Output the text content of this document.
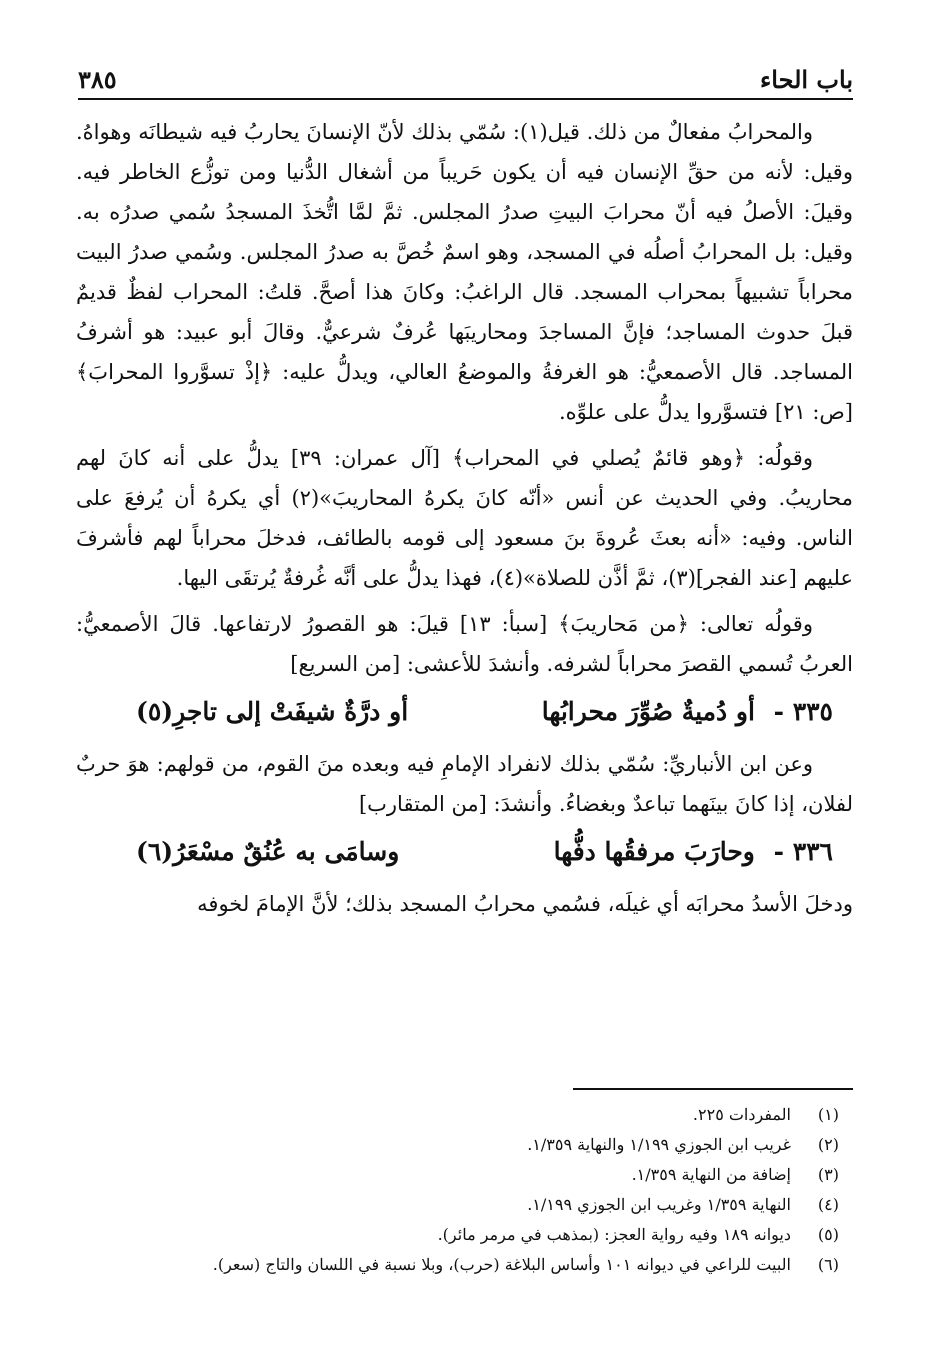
باب الحاء
٣٨٥

والمحرابُ مفعالٌ من ذلك. قيل(١): سُمّي بذلك لأنّ الإنسانَ يحاربُ فيه شيطانَه وهواهُ. وقيل: لأنه من حقِّ الإنسان فيه أن يكون حَريباً من أشغال الدُّنيا ومن توزُّع الخاطر فيه. وقيلَ: الأصلُ فيه أنّ محرابَ البيتِ صدرُ المجلس. ثمَّ لمَّا اتُّخذَ المسجدُ سُمي صدرُه به. وقيل: بل المحرابُ أصلُه في المسجد، وهو اسمٌ خُصَّ به صدرُ المجلس. وسُمي صدرُ البيت محراباً تشبيهاً بمحراب المسجد. قال الراغبُ: وكانَ هذا أصحَّ. قلتُ: المحراب لفظٌ قديمٌ قبلَ حدوث المساجد؛ فإنَّ المساجدَ ومحاريبَها عُرفٌ شرعيٌّ. وقالَ أبو عبيد: هو أشرفُ المساجد. قال الأصمعيُّ: هو الغرفةُ والموضعُ العالي، ويدلُّ عليه: ﴿إذْ تسوَّروا المحرابَ﴾ [ص: ٢١] فتسوَّروا يدلُّ على علوِّه.

وقولُه: ﴿وهو قائمٌ يُصلي في المحراب﴾ [آل عمران: ٣٩] يدلُّ على أنه كانَ لهم محاريبُ. وفي الحديث عن أنس «أنّه كانَ يكرهُ المحاريبَ»(٢) أي يكرهُ أن يُرفعَ على الناس. وفيه: «أنه بعثَ عُروةَ بنَ مسعود إلى قومه بالطائف، فدخلَ محراباً لهم فأشرفَ عليهم [عند الفجر](٣)، ثمَّ أذَّن للصلاة»(٤)، فهذا يدلُّ على أنَّه غُرفةٌ يُرتقَى اليها.

وقولُه تعالى: ﴿من مَحاريبَ﴾ [سبأ: ١٣] قيلَ: هو القصورُ لارتفاعها. قالَ الأصمعيُّ: العربُ تُسمي القصرَ محراباً لشرفه. وأنشدَ للأعشى: [من السريع]

٣٣٥ - أو دُميةٌ صُوِّرَ محرابُها
أو درَّةٌ شيفَتْ إلى تاجرِ(٥)

وعن ابن الأنباريِّ: سُمّي بذلك لانفراد الإمامِ فيه وبعده منَ القوم، من قولهم: هوَ حربٌ لفلان، إذا كانَ بينَهما تباعدٌ وبغضاءُ. وأنشدَ: [من المتقارب]

٣٣٦ - وحارَبَ مرفقُها دفُّها
وسامَى به عُنُقٌ مسْعَرُ(٦)

ودخلَ الأسدُ محرابَه أي غيلَه، فسُمي محرابُ المسجد بذلك؛ لأنَّ الإمامَ لخوفه

(١)
المفردات ٢٢٥.
(٢)
غريب ابن الجوزي ١/١٩٩ والنهاية ١/٣٥٩.
(٣)
إضافة من النهاية ١/٣٥٩.
(٤)
النهاية ١/٣٥٩ وغريب ابن الجوزي ١/١٩٩.
(٥)
ديوانه ١٨٩ وفيه رواية العجز: (بمذهب في مرمر مائر).
(٦)
البيت للراعي في ديوانه ١٠١ وأساس البلاغة (حرب)، وبلا نسبة في اللسان والتاج (سعر).
